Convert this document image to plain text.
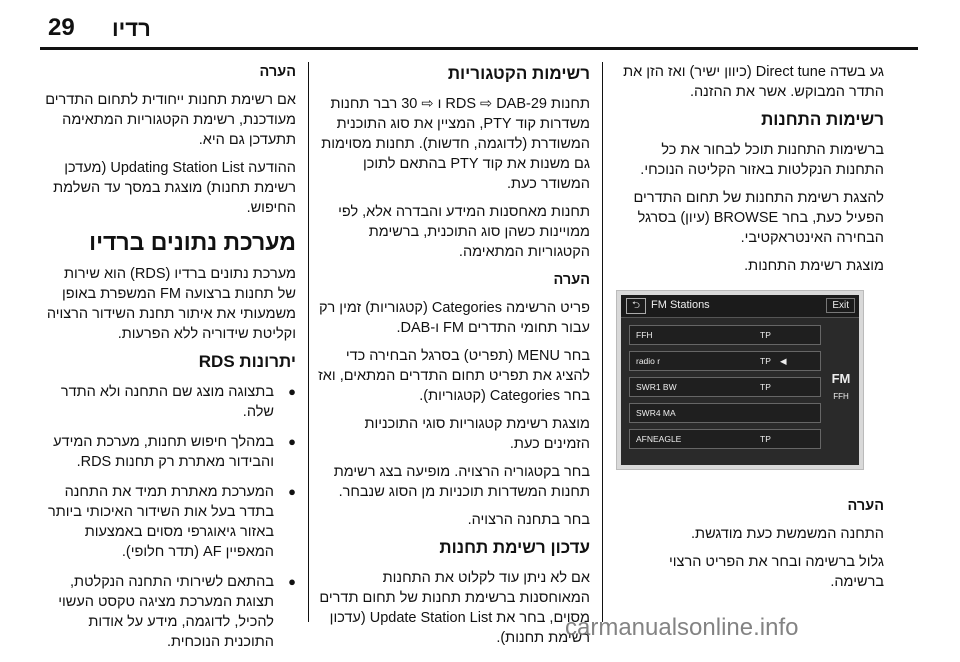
29 רדיו

גע בשדה Direct tune (כיוון ישיר) ואז הזן את התדר המבוקש. אשר את ההזנה.

רשימות התחנות

ברשימות התחנות תוכל לבחור את כל התחנות הנקלטות באזור הקליטה הנוכחי.

להצגת רשימת התחנות של תחום התדרים הפעיל כעת, בחר BROWSE (עיון) בסרגל הבחירה האינטראקטיבי.

מוצגת רשימת התחנות.

⮌	FM Stations	Exit
FFH	TP
radio r	TP ◀
SWR1 BW	TP
SWR4 MA
AFNEAGLE	TP
FM
FFH

הערה

התחנה המשמשת כעת מודגשת.

גלול ברשימה ובחר את הפריט הרצוי ברשימה.

רשימות הקטגוריות

תחנות RDS ⇨ DAB-29 ו ⇨ 30 רבר תחנות משדרות קוד PTY, המציין את סוג התוכנית המשודרת (לדוגמה, חדשות). תחנות מסוימות גם משנות את קוד PTY בהתאם לתוכן המשודר כעת.

תחנות מאחסנות המידע והבדרה אלא, לפי ממויינות כשהן סוג התוכנית, ברשימת הקטגוריות המתאימה.

הערה

פריט הרשימה Categories (קטגוריות) זמין רק עבור תחומי התדרים FM ו-DAB.

בחר MENU (תפריט) בסרגל הבחירה כדי להציג את תפריט תחום התדרים המתאים, ואז בחר Categories (קטגוריות).

מוצגת רשימת קטגוריות סוגי התוכניות הזמינים כעת.

בחר בקטגוריה הרצויה. מופיעה בצג רשימת תחנות המשדרות תוכניות מן הסוג שנבחר.

בחר בתחנה הרצויה.

עדכון רשימת תחנות

אם לא ניתן עוד לקלוט את התחנות המאוחסנות ברשימת תחנות של תחום תדרים מסוים, בחר את Update Station List (עדכון רשימת תחנות).

הערה

אם רשימת תחנות ייחודית לתחום התדרים מעודכנת, רשימת הקטגוריות המתאימה תתעדכן גם היא.

ההודעה Updating Station List (מעדכן רשימת תחנות) מוצגת במסך עד השלמת החיפוש.

מערכת נתונים ברדיו

מערכת נתונים ברדיו (RDS) הוא שירות של תחנות ברצועה FM המשפרת באופן משמעותי את איתור תחנת השידור הרצויה וקליטת שידוריה ללא הפרעות.

יתרונות RDS
● בתצוגה מוצג שם התחנה ולא התדר שלה.
● במהלך חיפוש תחנות, מערכת המידע והבידור מאתרת רק תחנות RDS.
● המערכת מאתרת תמיד את התחנה בתדר בעל אות השידור האיכותי ביותר באזור גיאוגרפי מסוים באמצעות המאפיין AF (תדר חלופי).
● בהתאם לשירותי התחנה הנקלטת, תצוגת המערכת מציגה טקסט העשוי להכיל, לדוגמה, מידע על אודות התוכנית הנוכחית.
carmanualsonline.info
